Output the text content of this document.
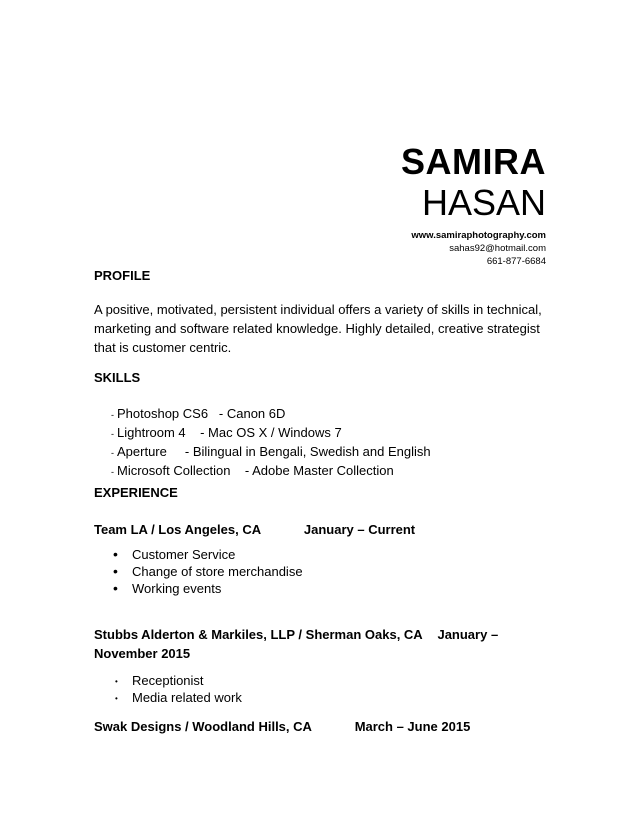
SAMIRA
HASAN
www.samiraphotography.com
sahas92@hotmail.com
661-877-6684
PROFILE
A positive, motivated, persistent individual offers a variety of skills in technical,
marketing and software related knowledge. Highly detailed, creative strategist
that is customer centric.
SKILLS
- Photoshop CS6   - Canon 6D
- Lightroom 4    - Mac OS X / Windows 7
- Aperture     - Bilingual in Bengali, Swedish and English
- Microsoft Collection    - Adobe Master Collection
EXPERIENCE
Team LA / Los Angeles, CA	January – Current
• Customer Service
• Change of store merchandise
• Working events
Stubbs Alderton & Markiles, LLP / Sherman Oaks, CA January –
November 2015
• Receptionist
• Media related work
Swak Designs / Woodland Hills, CA	March – June 2015
